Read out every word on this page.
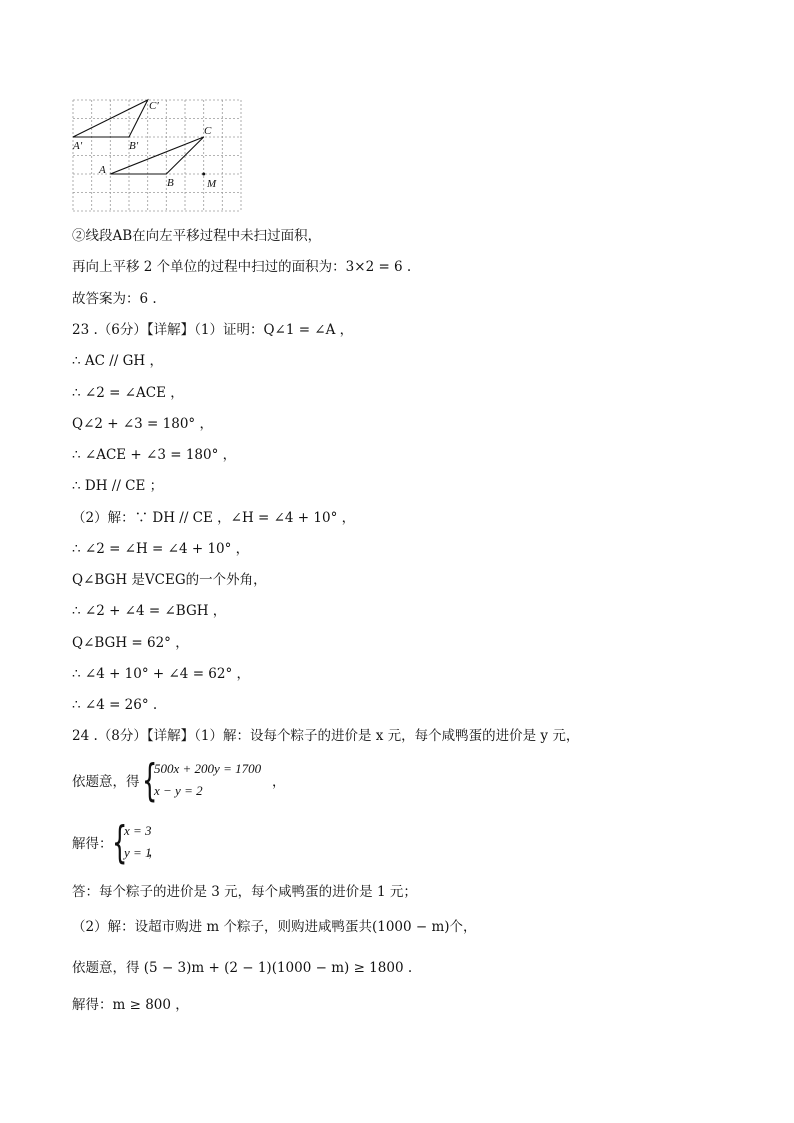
C′
A′	B′
C
A
B	M
②线段AB在向左平移过程中未扫过面积，
再向上平移 2 个单位的过程中扫过的面积为：3×2 = 6 .
故答案为：6 .
23 .（6分）【详解】（1）证明：Q∠1 = ∠A ，
∴ AC // GH ，
∴ ∠2 = ∠ACE ，
Q∠2 + ∠3 = 180° ，
∴ ∠ACE + ∠3 = 180° ，
∴ DH // CE ；
（2）解：∵ DH // CE ，∠H = ∠4 + 10° ，
∴ ∠2 = ∠H = ∠4 + 10° ，
Q∠BGH 是VCEG的一个外角，
∴ ∠2 + ∠4 = ∠BGH ，
Q∠BGH = 62° ，
∴ ∠4 + 10° + ∠4 = 62° ，
∴ ∠4 = 26° .
24 .（8分）【详解】（1）解：设每个粽子的进价是 x 元，每个咸鸭蛋的进价是 y 元，
依题意，得 {
500x + 200y = 1700
x − y = 2
，
解得： {
x = 3
y = 1
，
答：每个粽子的进价是 3 元，每个咸鸭蛋的进价是 1 元；
（2）解：设超市购进 m 个粽子，则购进咸鸭蛋共(1000 − m)个，
依题意，得 (5 − 3)m + (2 − 1)(1000 − m) ≥ 1800 .
解得：m ≥ 800 ，
